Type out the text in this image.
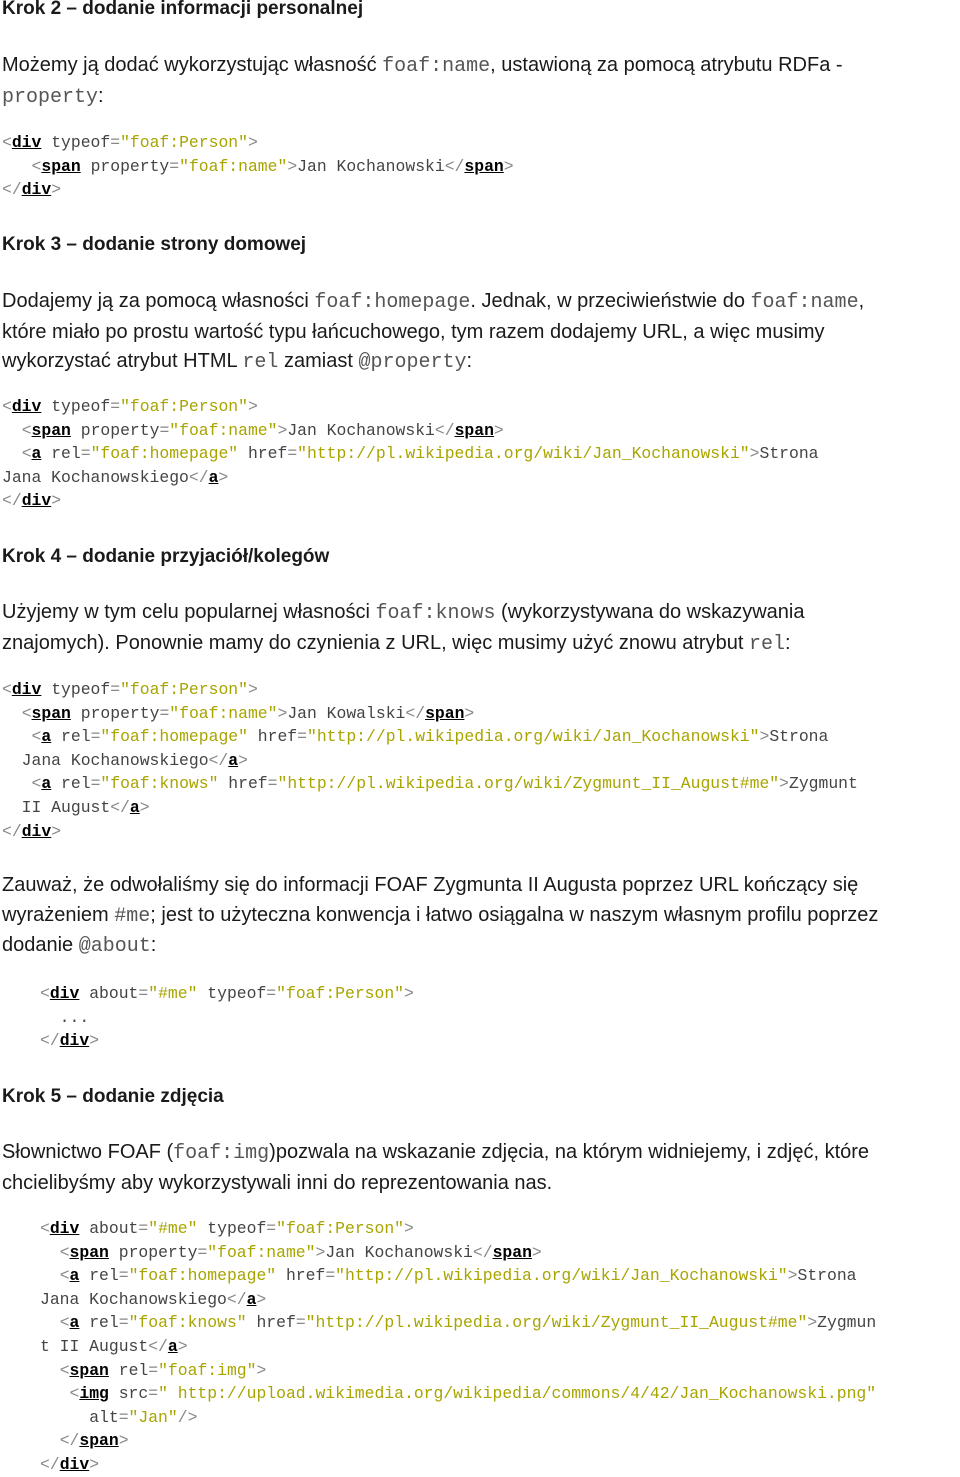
Krok 2 – dodanie informacji personalnej
Możemy ją dodać wykorzystując własność foaf:name, ustawioną za pomocą atrybutu RDFa -
property:
<div typeof="foaf:Person">
<span property="foaf:name">Jan Kochanowski</span>
</div>
Krok 3 – dodanie strony domowej
Dodajemy ją za pomocą własności foaf:homepage. Jednak, w przeciwieństwie do foaf:name,
które miało po prostu wartość typu łańcuchowego, tym razem dodajemy URL, a więc musimy
wykorzystać atrybut HTML rel zamiast @property:
<div typeof="foaf:Person">
<span property="foaf:name">Jan Kochanowski</span>
<a rel="foaf:homepage" href="http://pl.wikipedia.org/wiki/Jan_Kochanowski">Strona
Jana Kochanowskiego</a>
</div>
Krok 4 – dodanie przyjaciół/kolegów
Użyjemy w tym celu popularnej własności foaf:knows (wykorzystywana do wskazywania
znajomych). Ponownie mamy do czynienia z URL, więc musimy użyć znowu atrybut rel:
<div typeof="foaf:Person">
<span property="foaf:name">Jan Kowalski</span>
<a rel="foaf:homepage" href="http://pl.wikipedia.org/wiki/Jan_Kochanowski">Strona
Jana Kochanowskiego</a>
<a rel="foaf:knows" href="http://pl.wikipedia.org/wiki/Zygmunt_II_August#me">Zygmunt
II August</a>
</div>
Zauważ, że odwołaliśmy się do informacji FOAF Zygmunta II Augusta poprzez URL kończący się
wyrażeniem #me; jest to użyteczna konwencja i łatwo osiągalna w naszym własnym profilu poprzez
dodanie @about:
<div about="#me" typeof="foaf:Person">
...
</div>
Krok 5 – dodanie zdjęcia
Słownictwo FOAF (foaf:img)pozwala na wskazanie zdjęcia, na którym widniejemy, i zdjęć, które
chcielibyśmy aby wykorzystywali inni do reprezentowania nas.
<div about="#me" typeof="foaf:Person">
<span property="foaf:name">Jan Kochanowski</span>
<a rel="foaf:homepage" href="http://pl.wikipedia.org/wiki/Jan_Kochanowski">Strona
Jana Kochanowskiego</a>
<a rel="foaf:knows" href="http://pl.wikipedia.org/wiki/Zygmunt_II_August#me">Zygmun
t II August</a>
<span rel="foaf:img">
<img src=" http://upload.wikimedia.org/wikipedia/commons/4/42/Jan_Kochanowski.png"
alt="Jan"/>
</span>
</div>
